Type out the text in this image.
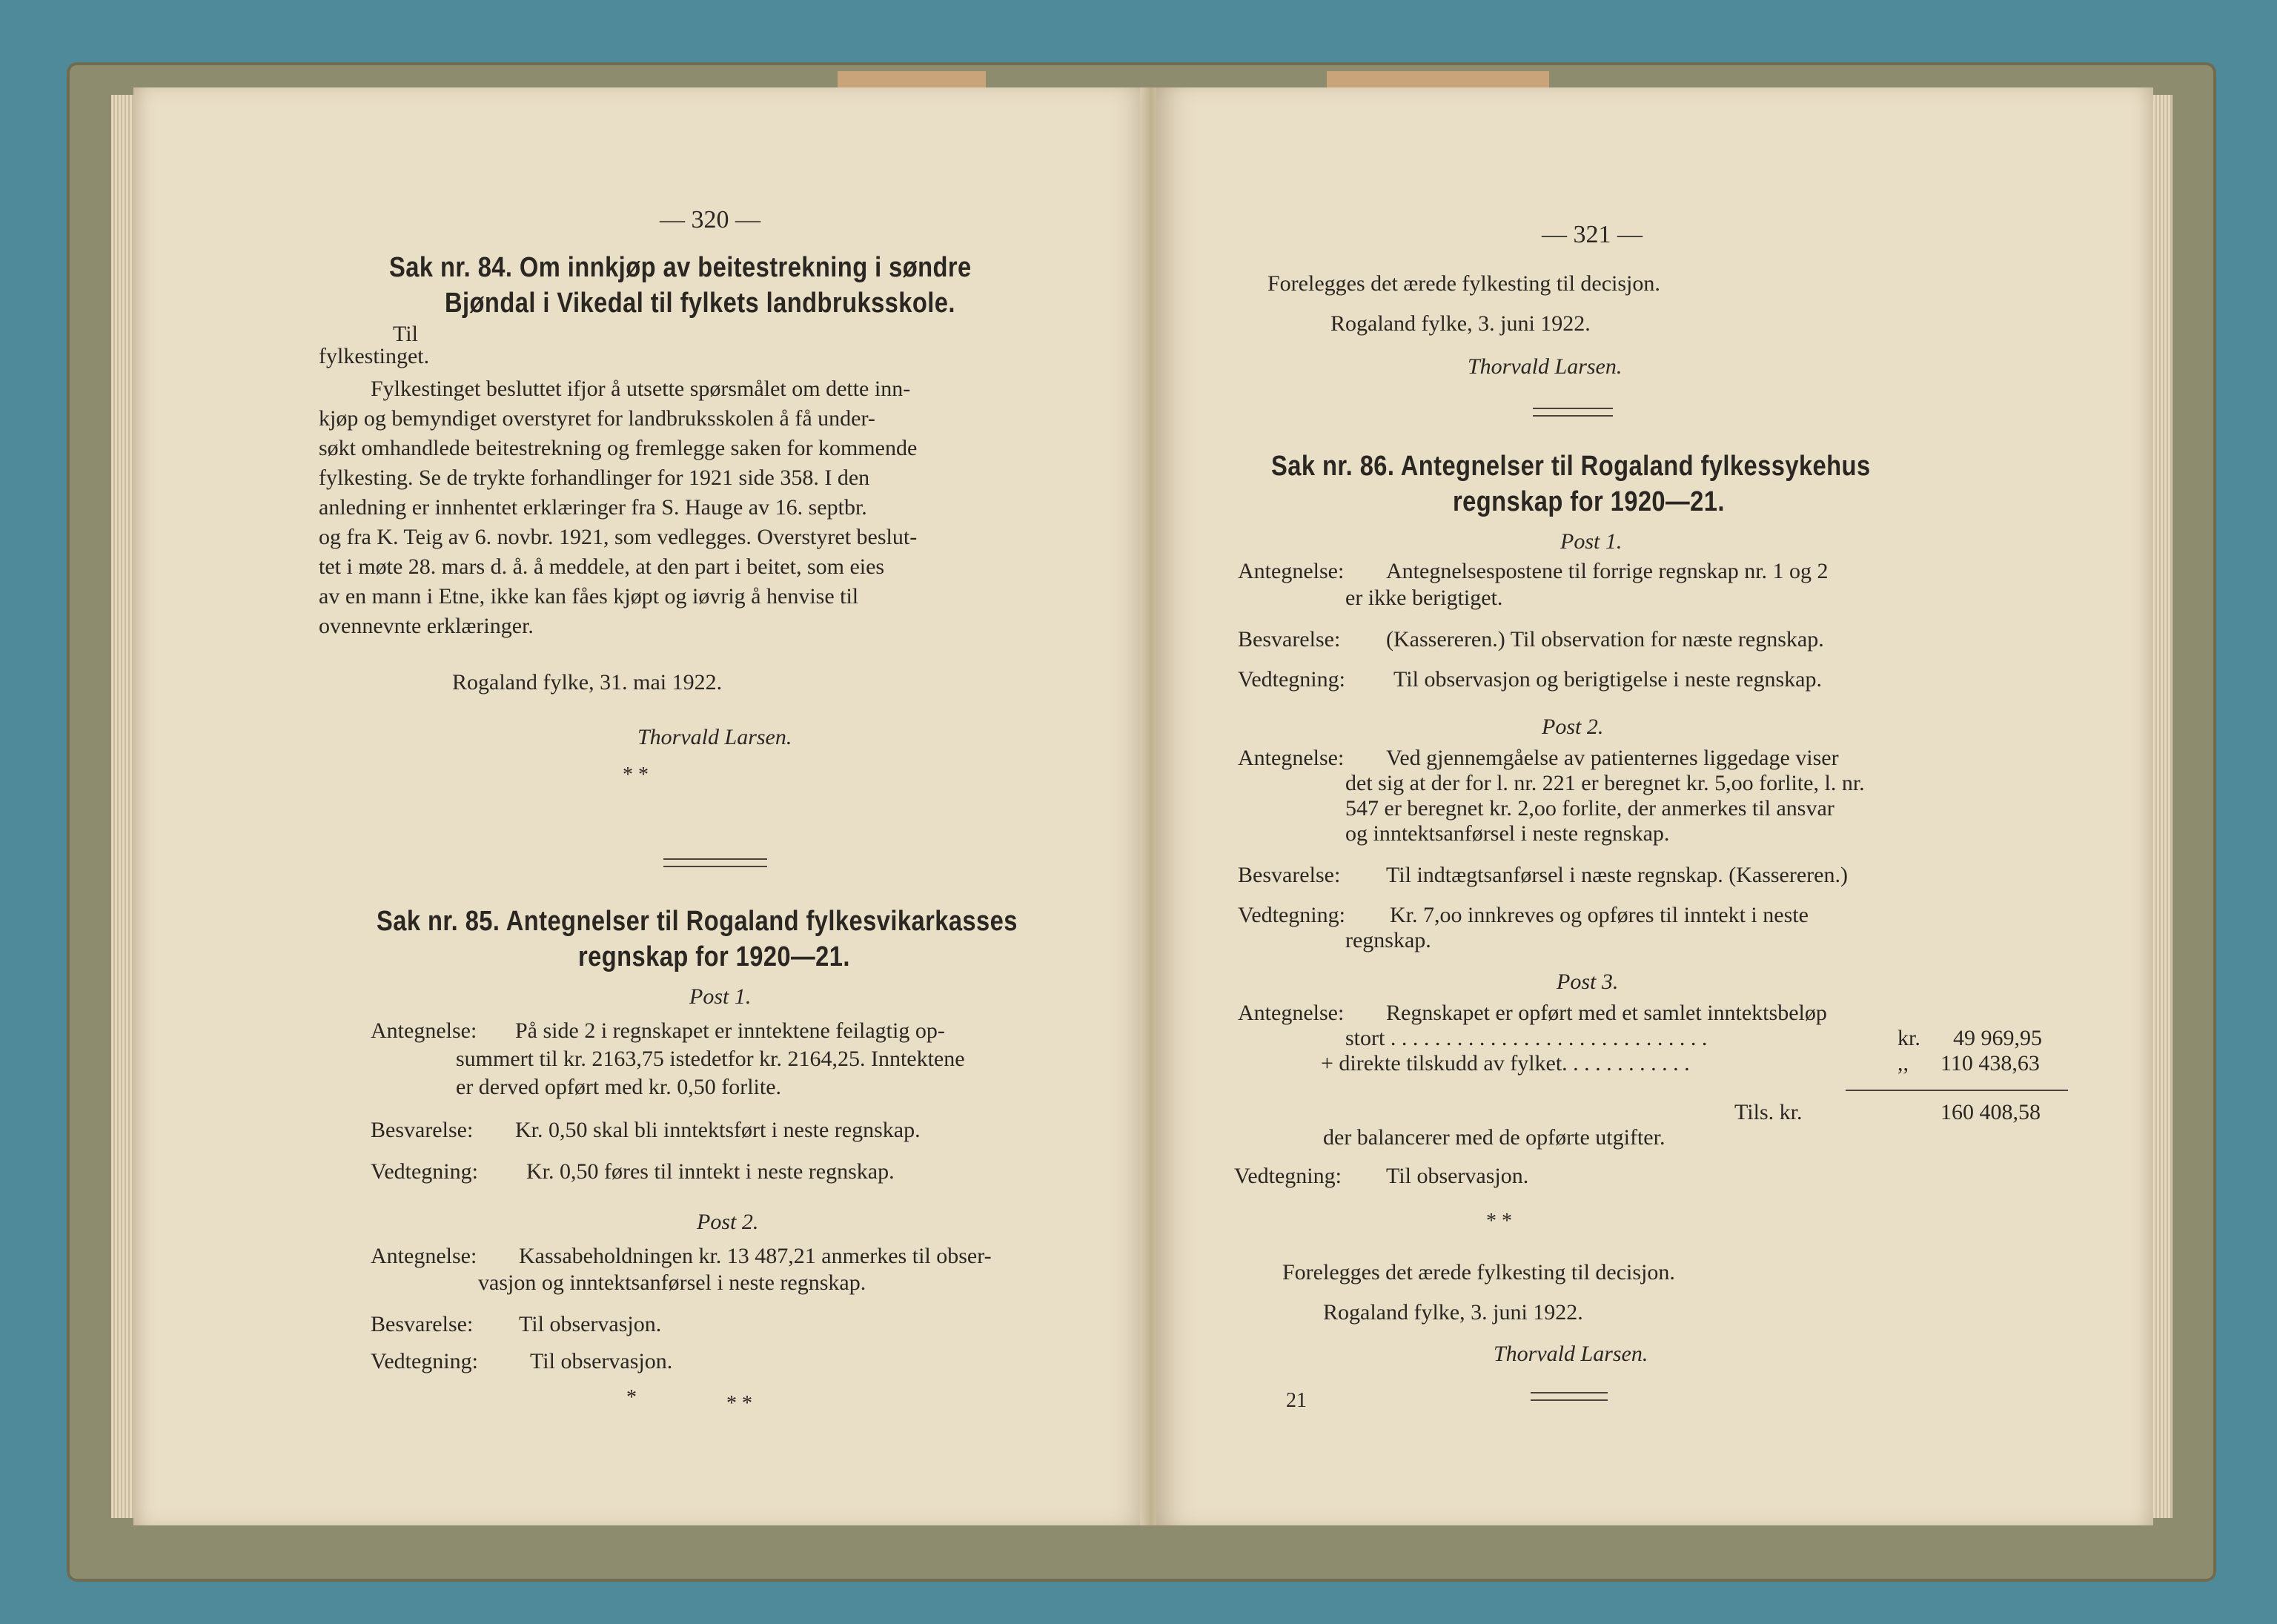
— 320 —
Sak nr. 84. Om innkjøp av beitestrekning i søndre
Bjøndal i Vikedal til fylkets landbruksskole.
Til
fylkestinget.
Fylkestinget besluttet ifjor å utsette spørsmålet om dette inn-
kjøp og bemyndiget overstyret for landbruksskolen å få under-
søkt omhandlede beitestrekning og fremlegge saken for kommende
fylkesting. Se de trykte forhandlinger for 1921 side 358. I den
anledning er innhentet erklæringer fra S. Hauge av 16. septbr.
og fra K. Teig av 6. novbr. 1921, som vedlegges. Overstyret beslut-
tet i møte 28. mars d. å. å meddele, at den part i beitet, som eies
av en mann i Etne, ikke kan fåes kjøpt og iøvrig å henvise til
ovennevnte erklæringer.
Rogaland fylke, 31. mai 1922.
Thorvald Larsen.
* *
Sak nr. 85. Antegnelser til Rogaland fylkesvikarkasses
regnskap for 1920—21.
Post 1.
Antegnelse: På side 2 i regnskapet er inntektene feilagtig op-
summert til kr. 2163,75 istedetfor kr. 2164,25. Inntektene
er derved opført med kr. 0,50 forlite.
Besvarelse: Kr. 0,50 skal bli inntektsført i neste regnskap.
Vedtegning: Kr. 0,50 føres til inntekt i neste regnskap.
Post 2.
Antegnelse: Kassabeholdningen kr. 13 487,21 anmerkes til obser-
vasjon og inntektsanførsel i neste regnskap.
Besvarelse: Til observasjon.
Vedtegning: Til observasjon.
*	* *
— 321 —
Forelegges det ærede fylkesting til decisjon.
Rogaland fylke, 3. juni 1922.
Thorvald Larsen.
Sak nr. 86. Antegnelser til Rogaland fylkessykehus
regnskap for 1920—21.
Post 1.
Antegnelse: Antegnelsespostene til forrige regnskap nr. 1 og 2
er ikke berigtiget.
Besvarelse: (Kassereren.) Til observation for næste regnskap.
Vedtegning: Til observasjon og berigtigelse i neste regnskap.
Post 2.
Antegnelse: Ved gjennemgåelse av patienternes liggedage viser
det sig at der for l. nr. 221 er beregnet kr. 5,oo forlite, l. nr.
547 er beregnet kr. 2,oo forlite, der anmerkes til ansvar
og inntektsanførsel i neste regnskap.
Besvarelse: Til indtægtsanførsel i næste regnskap. (Kassereren.)
Vedtegning: Kr. 7,oo innkreves og opføres til inntekt i neste
regnskap.
Post 3.
Antegnelse: Regnskapet er opført med et samlet inntektsbeløp
stort . . . . . . . . . . . . . . . . . . . . . . . . . . . . .	kr. 49 969,95
+ direkte tilskudd av fylket. . . . . . . . . . . .	,, 110 438,63
Tils. kr.	160 408,58
der balancerer med de opførte utgifter.
Vedtegning: Til observasjon.
* *
Forelegges det ærede fylkesting til decisjon.
Rogaland fylke, 3. juni 1922.
Thorvald Larsen.
21
